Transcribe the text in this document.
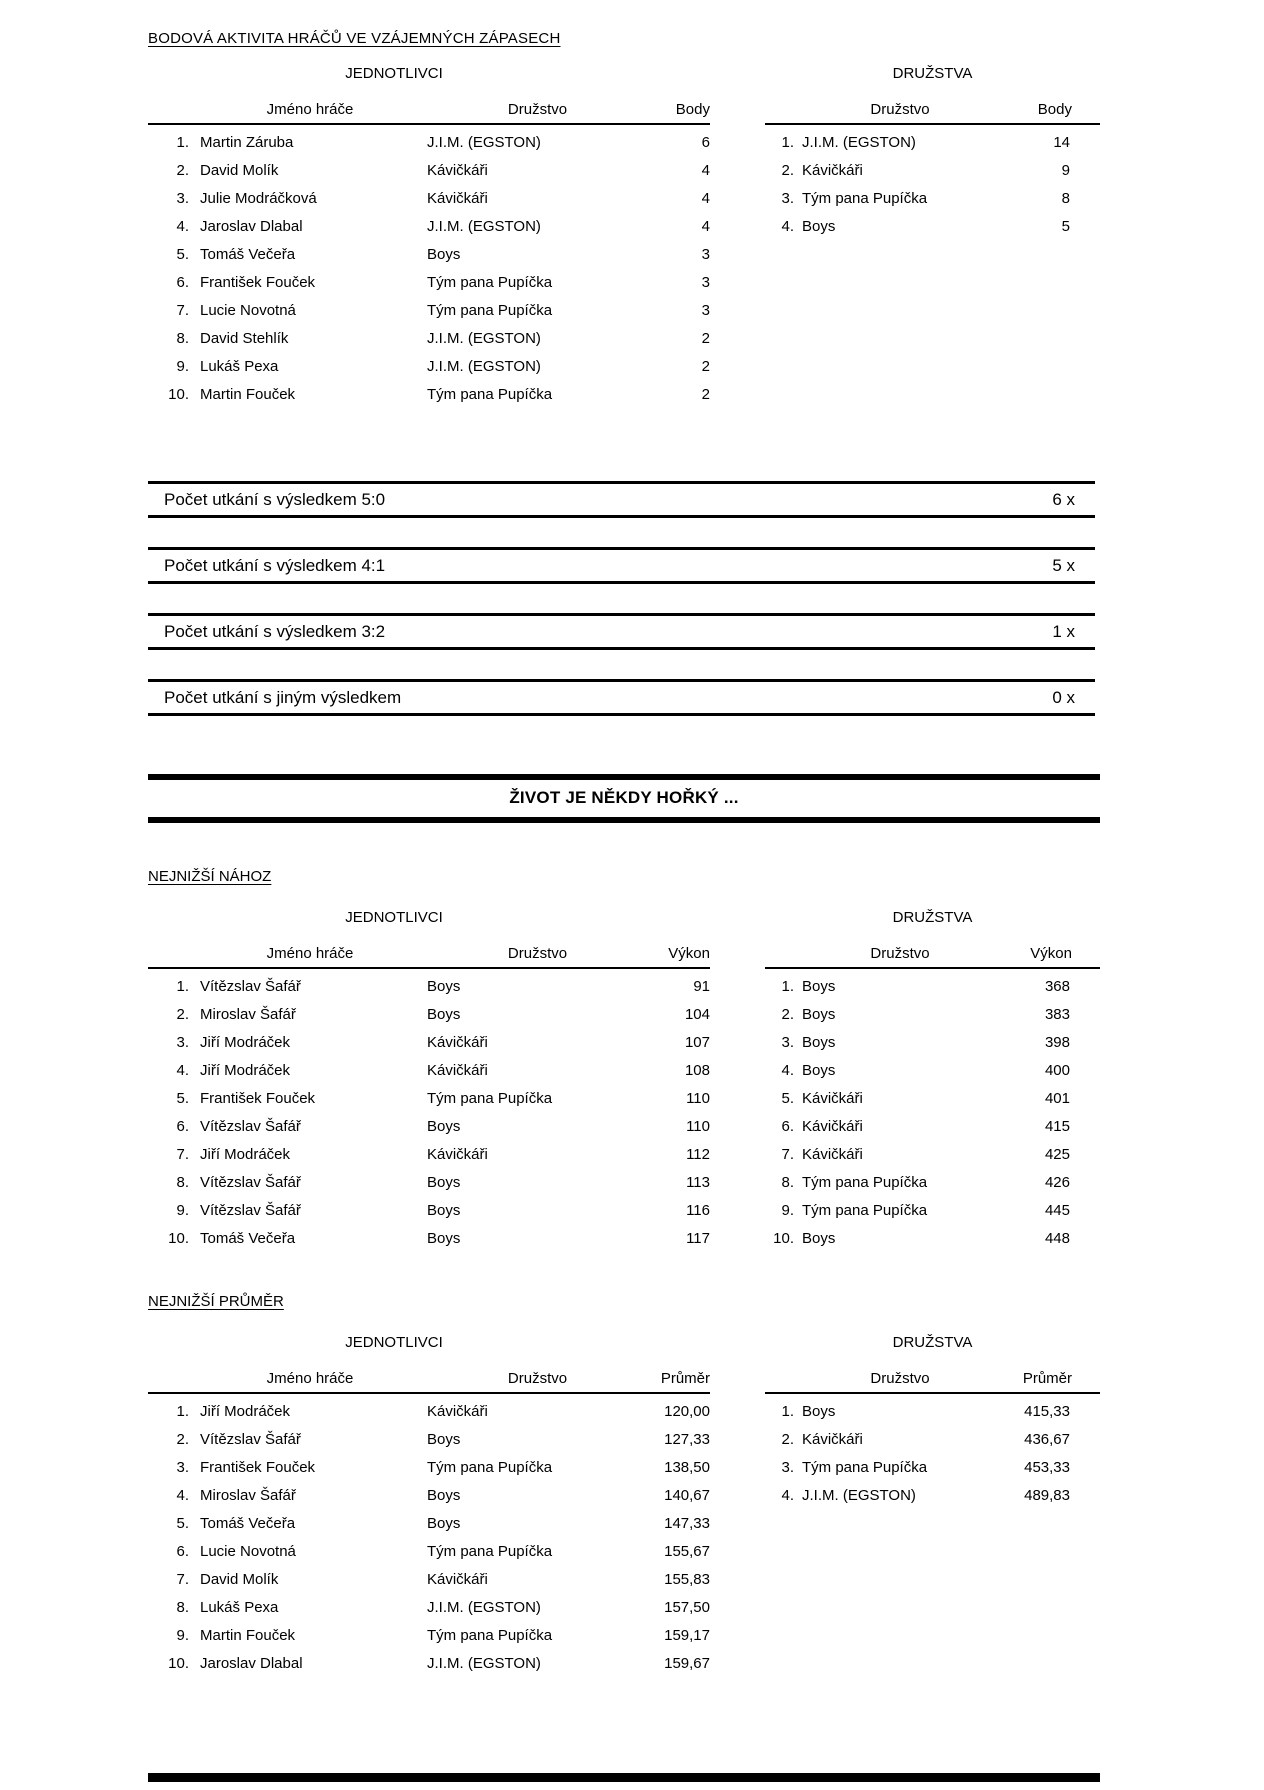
BODOVÁ AKTIVITA HRÁČŮ VE VZÁJEMNÝCH ZÁPASECH
JEDNOTLIVCI
Jméno hráče	Družstvo	Body
1. Martin Záruba	J.I.M. (EGSTON)	6
2. David Molík	Kávičkáři	4
3. Julie Modráčková	Kávičkáři	4
4. Jaroslav Dlabal	J.I.M. (EGSTON)	4
5. Tomáš Večeřa	Boys	3
6. František Fouček	Tým pana Pupíčka	3
7. Lucie Novotná	Tým pana Pupíčka	3
8. David Stehlík	J.I.M. (EGSTON)	2
9. Lukáš Pexa	J.I.M. (EGSTON)	2
10. Martin Fouček	Tým pana Pupíčka	2
DRUŽSTVA
Družstvo	Body
1. J.I.M. (EGSTON)	14
2. Kávičkáři	9
3. Tým pana Pupíčka	8
4. Boys	5
Počet utkání s výsledkem 5:0	6 x
Počet utkání s výsledkem 4:1	5 x
Počet utkání s výsledkem 3:2	1 x
Počet utkání s jiným výsledkem	0 x
ŽIVOT JE NĚKDY HOŘKÝ ...
NEJNIŽŠÍ NÁHOZ
JEDNOTLIVCI
Jméno hráče	Družstvo	Výkon
1. Vítězslav Šafář	Boys	91
2. Miroslav Šafář	Boys	104
3. Jiří Modráček	Kávičkáři	107
4. Jiří Modráček	Kávičkáři	108
5. František Fouček	Tým pana Pupíčka	110
6. Vítězslav Šafář	Boys	110
7. Jiří Modráček	Kávičkáři	112
8. Vítězslav Šafář	Boys	113
9. Vítězslav Šafář	Boys	116
10. Tomáš Večeřa	Boys	117
DRUŽSTVA
Družstvo	Výkon
1. Boys	368
2. Boys	383
3. Boys	398
4. Boys	400
5. Kávičkáři	401
6. Kávičkáři	415
7. Kávičkáři	425
8. Tým pana Pupíčka	426
9. Tým pana Pupíčka	445
10. Boys	448
NEJNIŽŠÍ PRŮMĚR
JEDNOTLIVCI
Jméno hráče	Družstvo	Průměr
1. Jiří Modráček	Kávičkáři	120,00
2. Vítězslav Šafář	Boys	127,33
3. František Fouček	Tým pana Pupíčka	138,50
4. Miroslav Šafář	Boys	140,67
5. Tomáš Večeřa	Boys	147,33
6. Lucie Novotná	Tým pana Pupíčka	155,67
7. David Molík	Kávičkáři	155,83
8. Lukáš Pexa	J.I.M. (EGSTON)	157,50
9. Martin Fouček	Tým pana Pupíčka	159,17
10. Jaroslav Dlabal	J.I.M. (EGSTON)	159,67
DRUŽSTVA
Družstvo	Průměr
1. Boys	415,33
2. Kávičkáři	436,67
3. Tým pana Pupíčka	453,33
4. J.I.M. (EGSTON)	489,83
